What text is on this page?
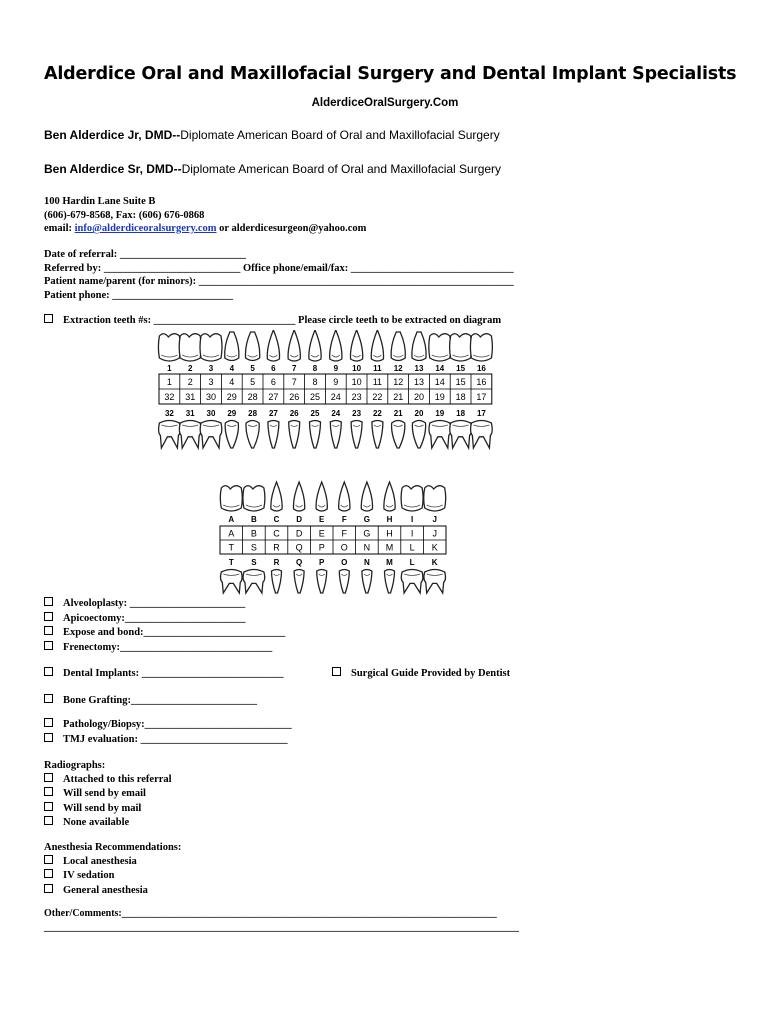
Alderdice Oral and Maxillofacial Surgery and Dental Implant Specialists
AlderdiceOralSurgery.Com
Ben Alderdice Jr, DMD--Diplomate American Board of Oral and Maxillofacial Surgery
Ben Alderdice Sr, DMD--Diplomate American Board of Oral and Maxillofacial Surgery
100 Hardin Lane Suite B
(606)-679-8568, Fax: (606) 676-0868
email: info@alderdiceoralsurgery.com or alderdicesurgeon@yahoo.com
Date of referral: ________________________
Referred by: __________________________ Office phone/email/fax: _______________________________
Patient name/parent (for minors): ____________________________________________________________
Patient phone: _______________________
Extraction teeth #s: ___________________________ Please circle teeth to be extracted on diagram
1 2 3 4 5 6 7 8 9 10 11 12 13 14 15 16
1 2 3 4 5 6 7 8 9 10 11 12 13 14 15 16
32 31 30 29 28 27 26 25 24 23 22 21 20 19 18 17
32 31 30 29 28 27 26 25 24 23 22 21 20 19 18 17
A B C D E F G H I J
A B C D E F G H I J
T S R Q P O N M L K
T S R Q P O N M L K
Alveoloplasty: ______________________
Apicoectomy:_______________________
Expose and bond:___________________________
Frenectomy:_____________________________
Dental Implants: ___________________________	Surgical Guide Provided by Dentist
Bone Grafting:________________________
Pathology/Biopsy:____________________________
TMJ evaluation: ____________________________
Radiographs:
Attached to this referral
Will send by email
Will send by mail
None available
Anesthesia Recommendations:
Local anesthesia
IV sedation
General anesthesia
Other/Comments:___________________________________________________________________________
_______________________________________________________________________________________________
